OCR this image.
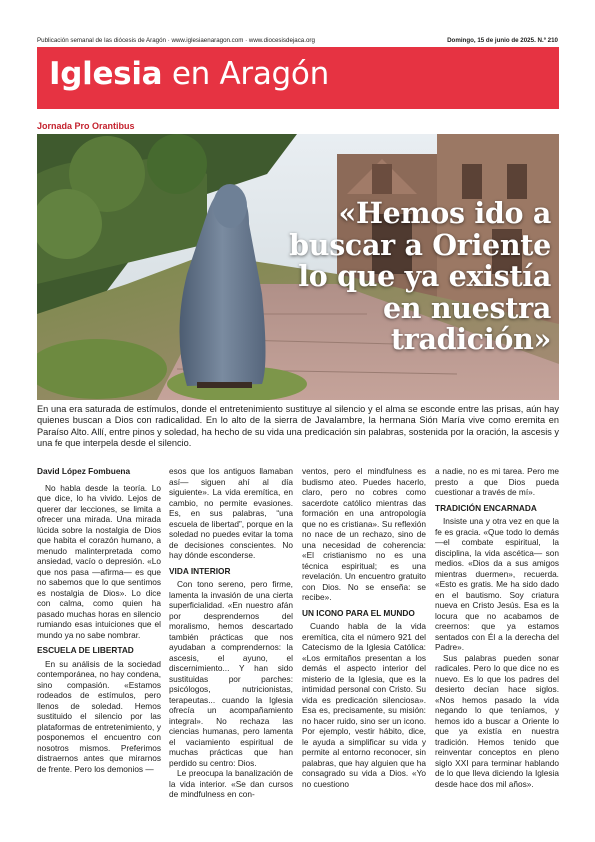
Publicación semanal de las diócesis de Aragón · www.iglesiaenaragon.com · www.diocesisdejaca.org	Domingo, 15 de junio de 2025. N.º 210
Iglesia en Aragón
Jornada Pro Orantibus
«Hemos ido a buscar a Oriente lo que ya existía en nuestra tradición»
En una era saturada de estímulos, donde el entretenimiento sustituye al silencio y el alma se esconde entre las prisas, aún hay quienes buscan a Dios con radicalidad. En lo alto de la sierra de Javalambre, la hermana Sión María vive como eremita en Paraíso Alto. Allí, entre pinos y soledad, ha hecho de su vida una predicación sin palabras, sostenida por la oración, la ascesis y una fe que interpela desde el silencio.
David López Fombuena

No habla desde la teoría. Lo que dice, lo ha vivido. Lejos de querer dar lecciones, se limita a ofrecer una mirada. Una mirada lúcida sobre la nostalgia de Dios que habita el corazón humano, a menudo malinterpretada como ansiedad, vacío o depresión. «Lo que nos pasa —afirma— es que no sabemos que lo que sentimos es nostalgia de Dios». Lo dice con calma, como quien ha pasado muchas horas en silencio rumiando esas intuiciones que el mundo ya no sabe nombrar.

ESCUELA DE LIBERTAD

En su análisis de la sociedad contemporánea, no hay condena, sino compasión. «Estamos rodeados de estímulos, pero llenos de soledad. Hemos sustituido el silencio por las plataformas de entretenimiento, y posponemos el encuentro con nosotros mismos. Preferimos distraernos antes que mirarnos de frente. Pero los demonios —

esos que los antiguos llamaban así— siguen ahí al día siguiente». La vida eremítica, en cambio, no permite evasiones. Es, en sus palabras, “una escuela de libertad”, porque en la soledad no puedes evitar la toma de decisiones conscientes. No hay dónde esconderse.

VIDA INTERIOR

Con tono sereno, pero firme, lamenta la invasión de una cierta superficialidad. «En nuestro afán por desprendernos del moralismo, hemos descartado también prácticas que nos ayudaban a comprendernos: la ascesis, el ayuno, el discernimiento... Y han sido sustituidas por parches: psicólogos, nutricionistas, terapeutas... cuando la Iglesia ofrecía un acompañamiento integral». No rechaza las ciencias humanas, pero lamenta el vaciamiento espiritual de muchas prácticas que han perdido su centro: Dios.

Le preocupa la banalización de la vida interior. «Se dan cursos de mindfulness en con-

ventos, pero el mindfulness es budismo ateo. Puedes hacerlo, claro, pero no cobres como sacerdote católico mientras das formación en una antropología que no es cristiana». Su reflexión no nace de un rechazo, sino de una necesidad de coherencia: «El cristianismo no es una técnica espiritual; es una revelación. Un encuentro gratuito con Dios. No se enseña: se recibe».

UN ICONO PARA EL MUNDO

Cuando habla de la vida eremítica, cita el número 921 del Catecismo de la Iglesia Católica: «Los ermitaños presentan a los demás el aspecto interior del misterio de la Iglesia, que es la intimidad personal con Cristo. Su vida es predicación silenciosa». Esa es, precisamente, su misión: no hacer ruido, sino ser un icono. Por ejemplo, vestir hábito, dice, le ayuda a simplificar su vida y permite al entorno reconocer, sin palabras, que hay alguien que ha consagrado su vida a Dios. «Yo no cuestiono

a nadie, no es mi tarea. Pero me presto a que Dios pueda cuestionar a través de mí».

TRADICIÓN ENCARNADA

Insiste una y otra vez en que la fe es gracia. «Que todo lo demás —el combate espiritual, la disciplina, la vida ascética— son medios. «Dios da a sus amigos mientras duermen», recuerda. «Esto es gratis. Me ha sido dado en el bautismo. Soy criatura nueva en Cristo Jesús. Esa es la locura que no acabamos de creernos: que ya estamos sentados con Él a la derecha del Padre».

Sus palabras pueden sonar radicales. Pero lo que dice no es nuevo. Es lo que los padres del desierto decían hace siglos. «Nos hemos pasado la vida negando lo que teníamos, y hemos ido a buscar a Oriente lo que ya existía en nuestra tradición. Hemos tenido que reinventar conceptos en pleno siglo XXI para terminar hablando de lo que lleva diciendo la Iglesia desde hace dos mil años».
